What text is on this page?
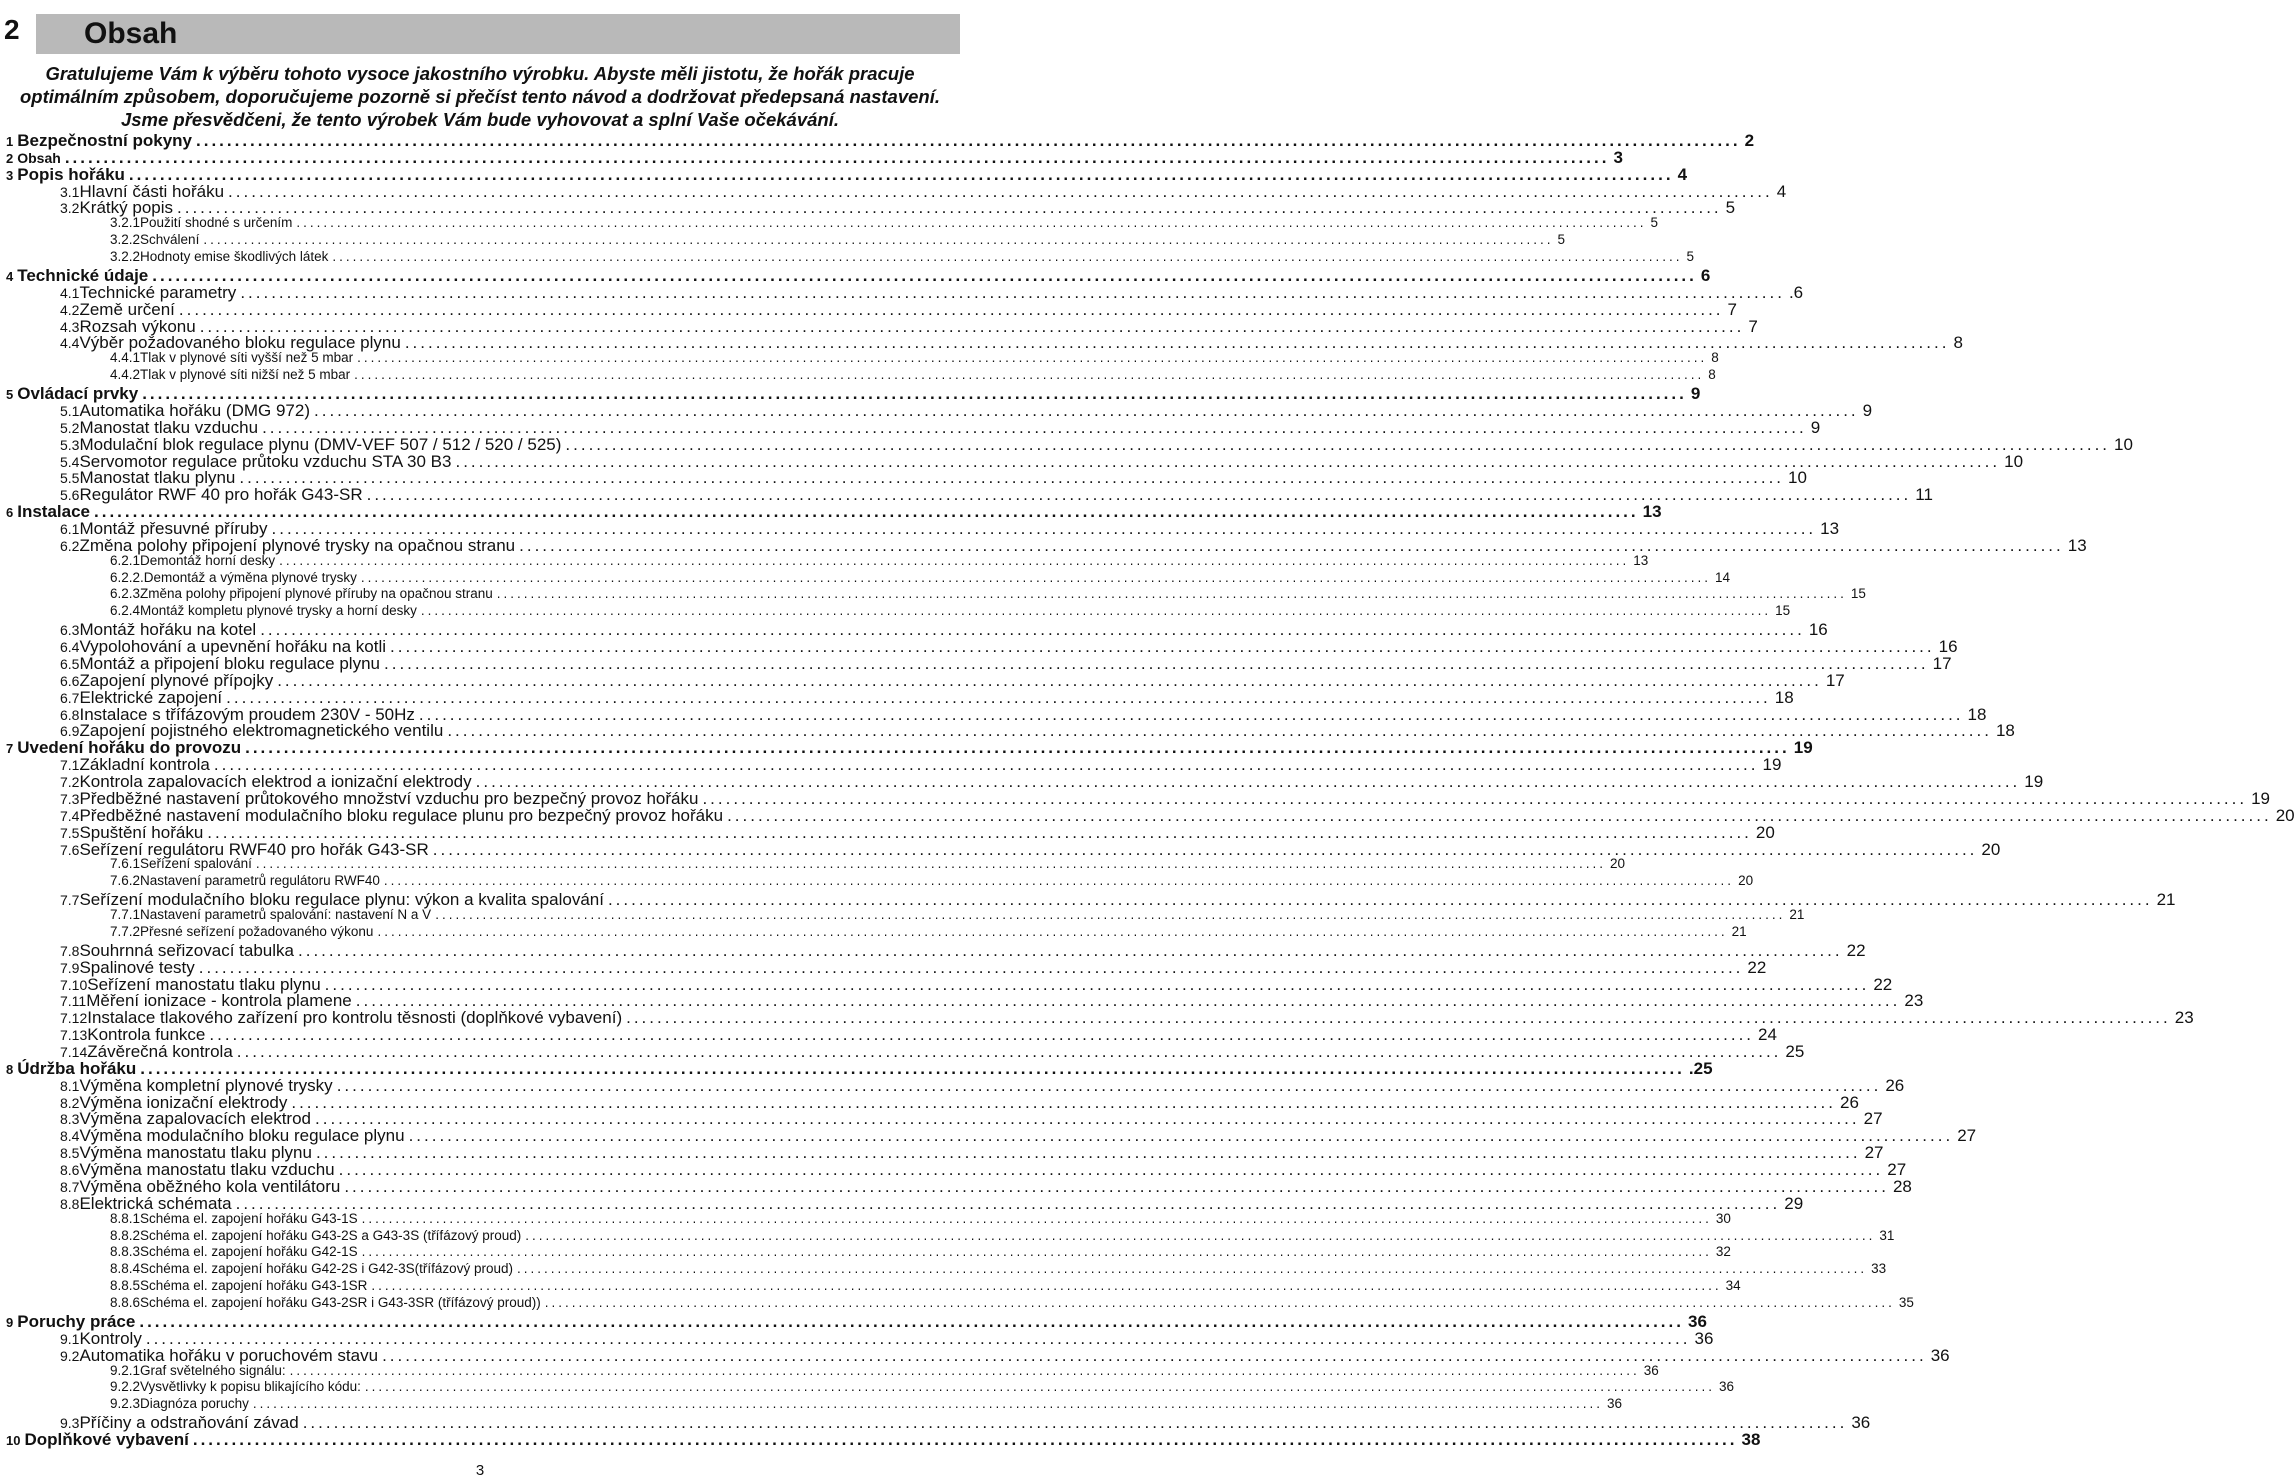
2 Obsah
Gratulujeme Vám k výběru tohoto vysoce jakostního výrobku. Abyste měli jistotu, že hořák pracuje
optimálním způsobem, doporučujeme pozorně si přečíst tento návod a dodržovat předepsaná nastavení.
Jsme přesvědčeni, že tento výrobek Vám bude vyhovovat a splní Vaše očekávání.
1 Bezpečnostní pokyny ........................................................................................................................................................................................................ 2
2 Obsah ........................................................................................................................................................................................................ 3
3 Popis hořáku ........................................................................................................................................................................................................ 4
3.1 Hlavní části hořáku ........................................................................................................................................................................................................ 4
3.2 Krátký popis ........................................................................................................................................................................................................ 5
3.2.1 Použití shodné s určením ........................................................................................................................................................................................................ 5
3.2.2 Schválení ........................................................................................................................................................................................................ 5
3.2.2 Hodnoty emise škodlivých látek ........................................................................................................................................................................................................ 5
4 Technické údaje ........................................................................................................................................................................................................ 6
4.1 Technické parametry ........................................................................................................................................................................................................ .6
4.2 Země určení ........................................................................................................................................................................................................ 7
4.3 Rozsah výkonu ........................................................................................................................................................................................................ 7
4.4 Výběr požadovaného bloku regulace plynu ........................................................................................................................................................................................................ 8
4.4.1 Tlak v plynové síti vyšší než 5 mbar ........................................................................................................................................................................................................ 8
4.4.2 Tlak v plynové síti nižší než 5 mbar ........................................................................................................................................................................................................ 8
5 Ovládací prvky ........................................................................................................................................................................................................ 9
5.1 Automatika hořáku (DMG 972) ........................................................................................................................................................................................................ 9
5.2 Manostat tlaku vzduchu ........................................................................................................................................................................................................ 9
5.3 Modulační blok regulace plynu (DMV-VEF 507 / 512 / 520 / 525) ........................................................................................................................................................................................................ 10
5.4 Servomotor regulace průtoku vzduchu STA 30 B3 ........................................................................................................................................................................................................ 10
5.5 Manostat tlaku plynu ........................................................................................................................................................................................................ 10
5.6 Regulátor RWF 40 pro hořák G43-SR ........................................................................................................................................................................................................ 11
6 Instalace ........................................................................................................................................................................................................ 13
6.1 Montáž přesuvné příruby ........................................................................................................................................................................................................ 13
6.2 Změna polohy připojení plynové trysky na opačnou stranu ........................................................................................................................................................................................................ 13
6.2.1 Demontáž horní desky ........................................................................................................................................................................................................ 13
6.2.2. Demontáž a výměna plynové trysky ........................................................................................................................................................................................................ 14
6.2.3 Změna polohy připojení plynové příruby na opačnou stranu ........................................................................................................................................................................................................ 15
6.2.4 Montáž kompletu plynové trysky a horní desky ........................................................................................................................................................................................................ 15
6.3 Montáž hořáku na kotel ........................................................................................................................................................................................................ 16
6.4 Vypolohování a upevnění hořáku na kotli ........................................................................................................................................................................................................ 16
6.5 Montáž a připojení bloku regulace plynu ........................................................................................................................................................................................................ 17
6.6 Zapojení plynové přípojky ........................................................................................................................................................................................................ 17
6.7 Elektrické zapojení ........................................................................................................................................................................................................ 18
6.8 Instalace s třífázovým proudem 230V - 50Hz ........................................................................................................................................................................................................ 18
6.9 Zapojení pojistného elektromagnetického ventilu ........................................................................................................................................................................................................ 18
7 Uvedení hořáku do provozu ........................................................................................................................................................................................................ 19
7.1 Základní kontrola ........................................................................................................................................................................................................ 19
7.2 Kontrola zapalovacích elektrod a ionizační elektrody ........................................................................................................................................................................................................ 19
7.3 Předběžné nastavení průtokového množství vzduchu pro bezpečný provoz hořáku ........................................................................................................................................................................................................ 19
7.4 Předběžné nastavení modulačního bloku regulace plunu pro bezpečný provoz hořáku ........................................................................................................................................................................................................ 20
7.5 Spuštění hořáku ........................................................................................................................................................................................................ 20
7.6 Seřízení regulátoru RWF40 pro hořák G43-SR ........................................................................................................................................................................................................ 20
7.6.1 Seřízení spalování ........................................................................................................................................................................................................ 20
7.6.2 Nastavení parametrů regulátoru RWF40 ........................................................................................................................................................................................................ 20
7.7 Seřízení modulačního bloku regulace plynu: výkon a kvalita spalování ........................................................................................................................................................................................................ 21
7.7.1 Nastavení parametrů spalování: nastavení N a V ........................................................................................................................................................................................................ 21
7.7.2 Přesné seřízení požadovaného výkonu ........................................................................................................................................................................................................ 21
7.8 Souhrnná seřizovací tabulka ........................................................................................................................................................................................................ 22
7.9 Spalinové testy ........................................................................................................................................................................................................ 22
7.10 Seřízení manostatu tlaku plynu ........................................................................................................................................................................................................ 22
7.11 Měření ionizace - kontrola plamene ........................................................................................................................................................................................................ 23
7.12 Instalace tlakového zařízení pro kontrolu těsnosti (doplňkové vybavení) ........................................................................................................................................................................................................ 23
7.13 Kontrola funkce ........................................................................................................................................................................................................ 24
7.14 Závěrečná kontrola ........................................................................................................................................................................................................ 25
8 Údržba hořáku ........................................................................................................................................................................................................ .25
8.1 Výměna kompletní plynové trysky ........................................................................................................................................................................................................ 26
8.2 Výměna ionizační elektrody ........................................................................................................................................................................................................ 26
8.3 Výměna zapalovacích elektrod ........................................................................................................................................................................................................ 27
8.4 Výměna modulačního bloku regulace plynu ........................................................................................................................................................................................................ 27
8.5 Výměna manostatu tlaku plynu ........................................................................................................................................................................................................ 27
8.6 Výměna manostatu tlaku vzduchu ........................................................................................................................................................................................................ 27
8.7 Výměna oběžného kola ventilátoru ........................................................................................................................................................................................................ 28
8.8 Elektrická schémata ........................................................................................................................................................................................................ 29
8.8.1 Schéma el. zapojení hořáku G43-1S ........................................................................................................................................................................................................ 30
8.8.2 Schéma el. zapojení hořáku G43-2S a G43-3S (třífázový proud) ........................................................................................................................................................................................................ 31
8.8.3 Schéma el. zapojení hořáku G42-1S ........................................................................................................................................................................................................ 32
8.8.4 Schéma el. zapojení hořáku G42-2S i G42-3S(třífázový proud) ........................................................................................................................................................................................................ 33
8.8.5 Schéma el. zapojení hořáku G43-1SR ........................................................................................................................................................................................................ 34
8.8.6 Schéma el. zapojení hořáku G43-2SR i G43-3SR (třífázový proud)) ........................................................................................................................................................................................................ 35
9 Poruchy práce ........................................................................................................................................................................................................ 36
9.1 Kontroly ........................................................................................................................................................................................................ 36
9.2 Automatika hořáku v poruchovém stavu ........................................................................................................................................................................................................ 36
9.2.1 Graf světelného signálu: ........................................................................................................................................................................................................ 36
9.2.2 Vysvětlivky k popisu blikajícího kódu: ........................................................................................................................................................................................................ 36
9.2.3 Diagnóza poruchy ........................................................................................................................................................................................................ 36
9.3 Příčiny a odstraňování závad ........................................................................................................................................................................................................ 36
10 Doplňkové vybavení ........................................................................................................................................................................................................ 38
3
